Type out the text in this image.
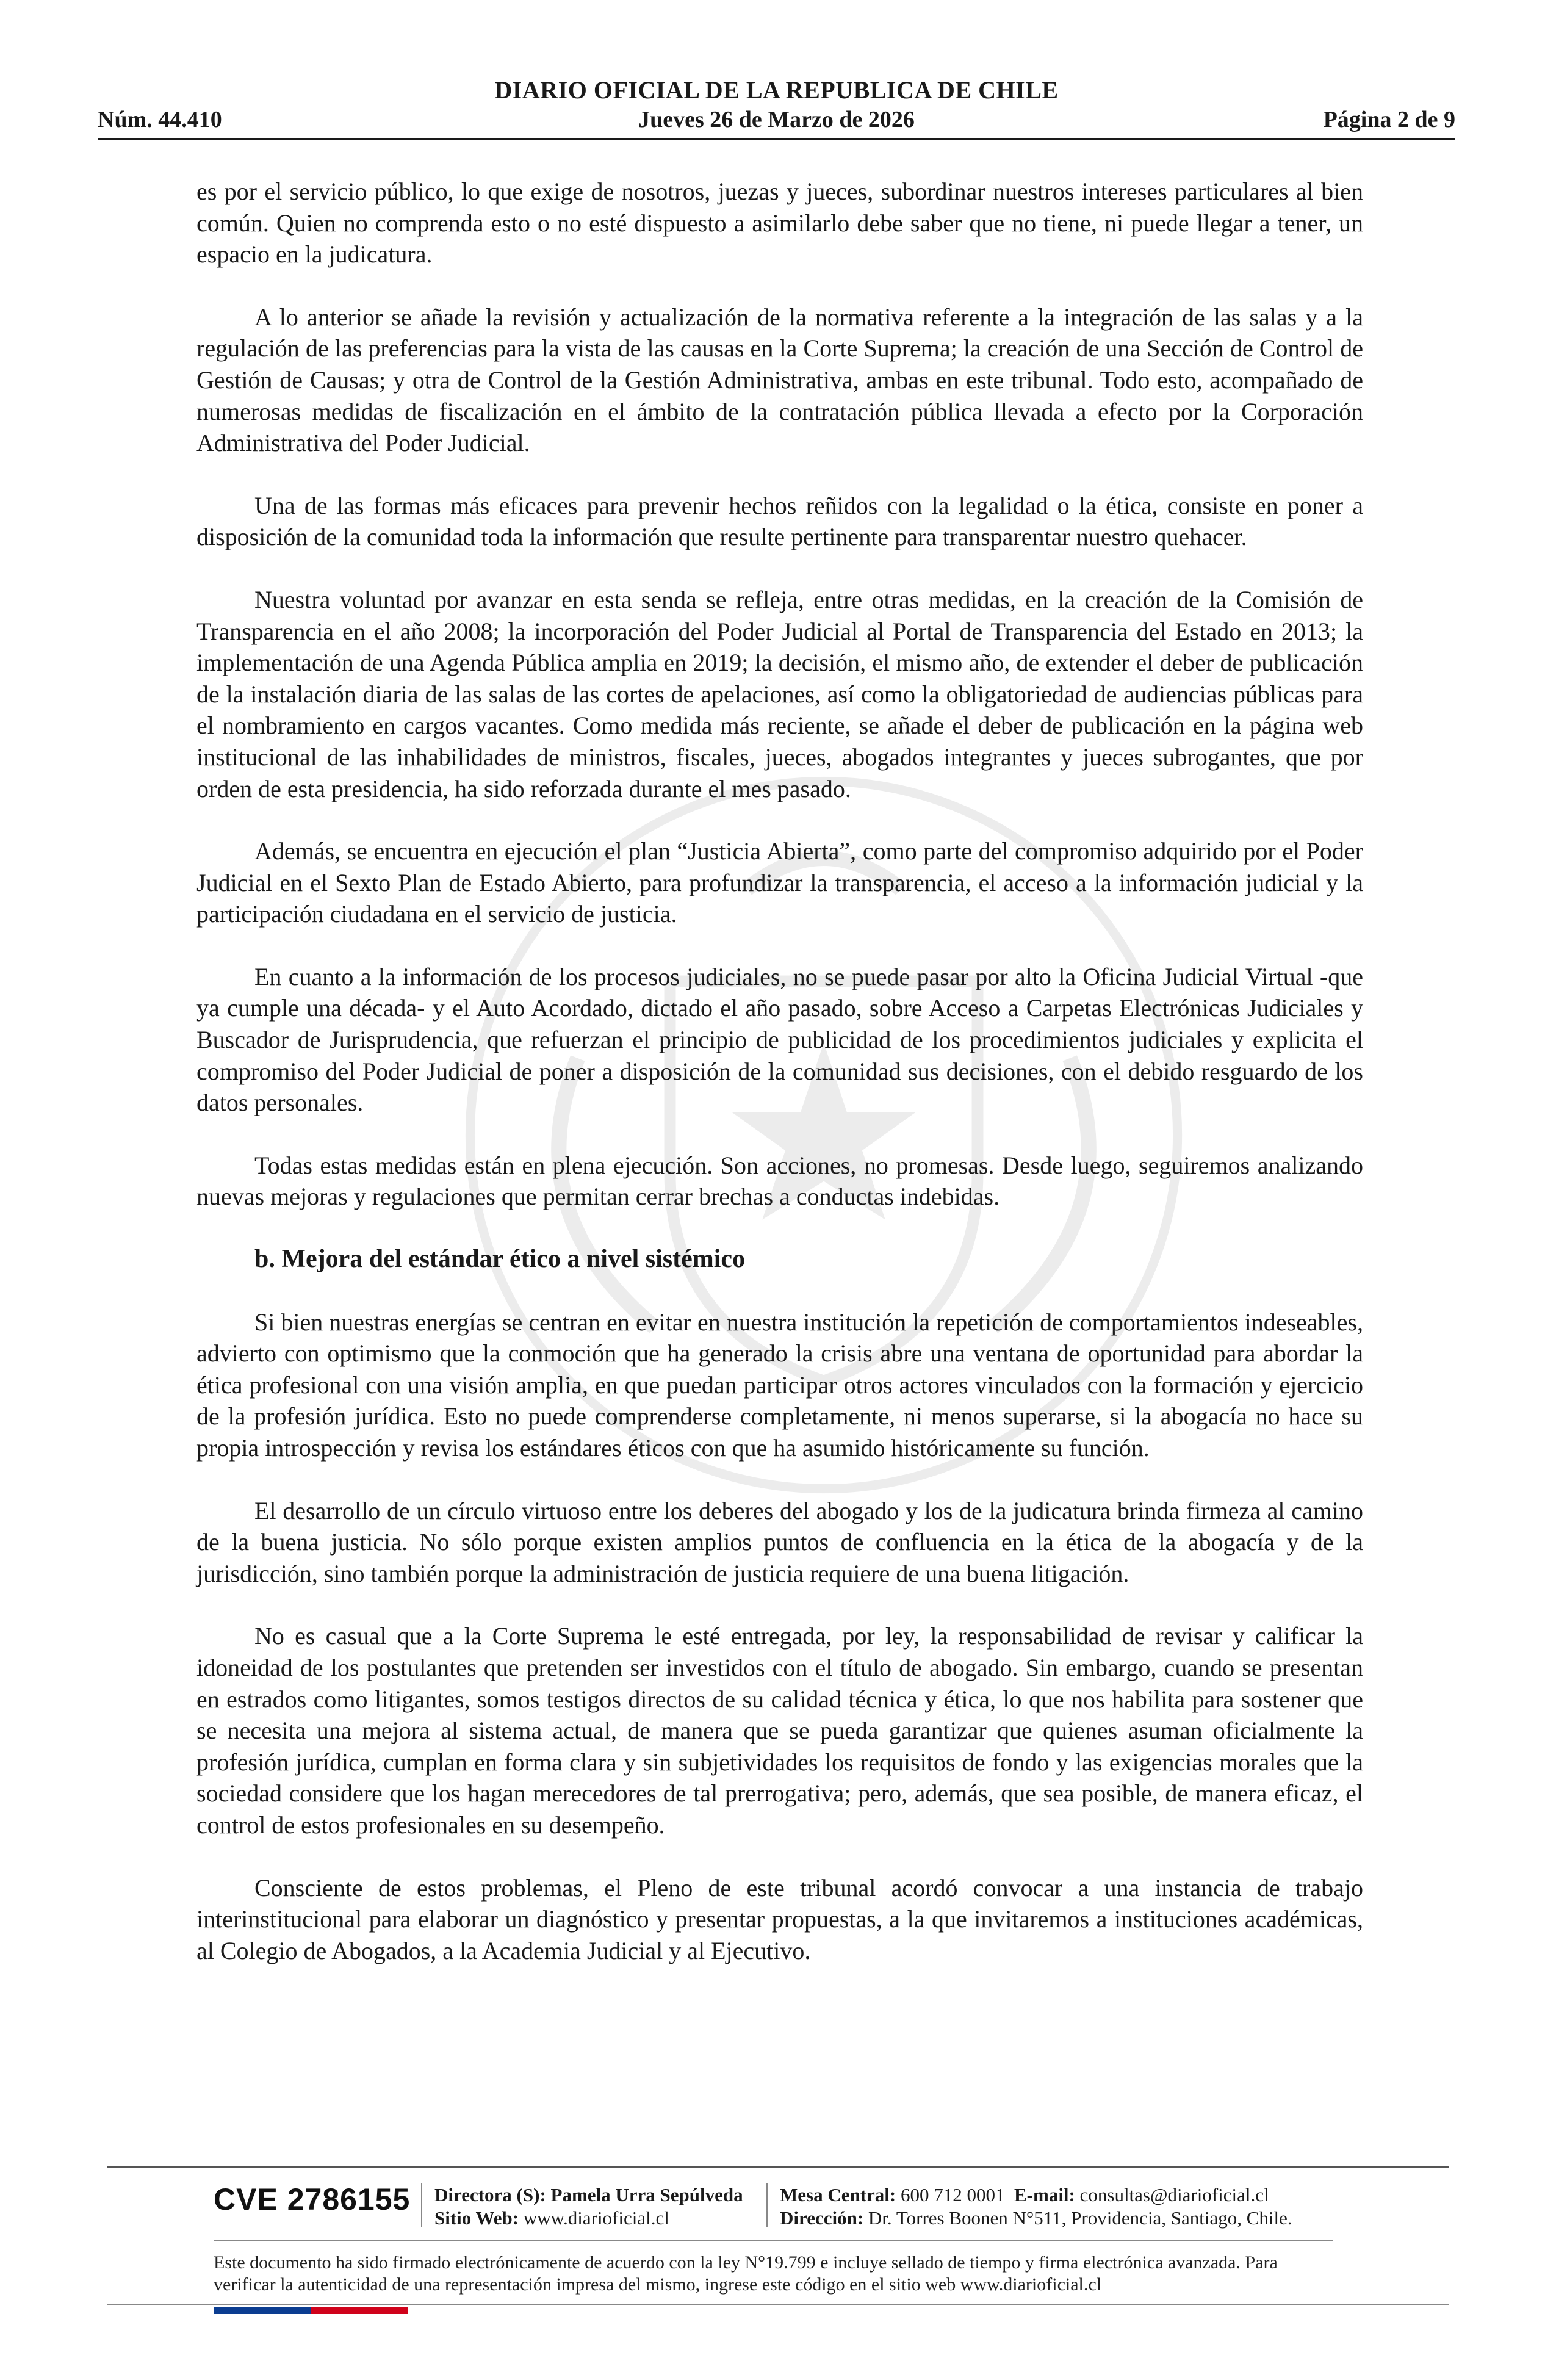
DIARIO OFICIAL DE LA REPUBLICA DE CHILE
Núm. 44.410	Jueves 26 de Marzo de 2026	Página 2 de 9

es por el servicio público, lo que exige de nosotros, juezas y jueces, subordinar nuestros intereses particulares al bien común. Quien no comprenda esto o no esté dispuesto a asimilarlo debe saber que no tiene, ni puede llegar a tener, un espacio en la judicatura.

A lo anterior se añade la revisión y actualización de la normativa referente a la integración de las salas y a la regulación de las preferencias para la vista de las causas en la Corte Suprema; la creación de una Sección de Control de Gestión de Causas; y otra de Control de la Gestión Administrativa, ambas en este tribunal. Todo esto, acompañado de numerosas medidas de fiscalización en el ámbito de la contratación pública llevada a efecto por la Corporación Administrativa del Poder Judicial.

Una de las formas más eficaces para prevenir hechos reñidos con la legalidad o la ética, consiste en poner a disposición de la comunidad toda la información que resulte pertinente para transparentar nuestro quehacer.

Nuestra voluntad por avanzar en esta senda se refleja, entre otras medidas, en la creación de la Comisión de Transparencia en el año 2008; la incorporación del Poder Judicial al Portal de Transparencia del Estado en 2013; la implementación de una Agenda Pública amplia en 2019; la decisión, el mismo año, de extender el deber de publicación de la instalación diaria de las salas de las cortes de apelaciones, así como la obligatoriedad de audiencias públicas para el nombramiento en cargos vacantes. Como medida más reciente, se añade el deber de publicación en la página web institucional de las inhabilidades de ministros, fiscales, jueces, abogados integrantes y jueces subrogantes, que por orden de esta presidencia, ha sido reforzada durante el mes pasado.

Además, se encuentra en ejecución el plan “Justicia Abierta”, como parte del compromiso adquirido por el Poder Judicial en el Sexto Plan de Estado Abierto, para profundizar la transparencia, el acceso a la información judicial y la participación ciudadana en el servicio de justicia.

En cuanto a la información de los procesos judiciales, no se puede pasar por alto la Oficina Judicial Virtual -que ya cumple una década- y el Auto Acordado, dictado el año pasado, sobre Acceso a Carpetas Electrónicas Judiciales y Buscador de Jurisprudencia, que refuerzan el principio de publicidad de los procedimientos judiciales y explicita el compromiso del Poder Judicial de poner a disposición de la comunidad sus decisiones, con el debido resguardo de los datos personales.

Todas estas medidas están en plena ejecución. Son acciones, no promesas. Desde luego, seguiremos analizando nuevas mejoras y regulaciones que permitan cerrar brechas a conductas indebidas.

b. Mejora del estándar ético a nivel sistémico

Si bien nuestras energías se centran en evitar en nuestra institución la repetición de comportamientos indeseables, advierto con optimismo que la conmoción que ha generado la crisis abre una ventana de oportunidad para abordar la ética profesional con una visión amplia, en que puedan participar otros actores vinculados con la formación y ejercicio de la profesión jurídica. Esto no puede comprenderse completamente, ni menos superarse, si la abogacía no hace su propia introspección y revisa los estándares éticos con que ha asumido históricamente su función.

El desarrollo de un círculo virtuoso entre los deberes del abogado y los de la judicatura brinda firmeza al camino de la buena justicia. No sólo porque existen amplios puntos de confluencia en la ética de la abogacía y de la jurisdicción, sino también porque la administración de justicia requiere de una buena litigación.

No es casual que a la Corte Suprema le esté entregada, por ley, la responsabilidad de revisar y calificar la idoneidad de los postulantes que pretenden ser investidos con el título de abogado. Sin embargo, cuando se presentan en estrados como litigantes, somos testigos directos de su calidad técnica y ética, lo que nos habilita para sostener que se necesita una mejora al sistema actual, de manera que se pueda garantizar que quienes asuman oficialmente la profesión jurídica, cumplan en forma clara y sin subjetividades los requisitos de fondo y las exigencias morales que la sociedad considere que los hagan merecedores de tal prerrogativa; pero, además, que sea posible, de manera eficaz, el control de estos profesionales en su desempeño.

Consciente de estos problemas, el Pleno de este tribunal acordó convocar a una instancia de trabajo interinstitucional para elaborar un diagnóstico y presentar propuestas, a la que invitaremos a instituciones académicas, al Colegio de Abogados, a la Academia Judicial y al Ejecutivo.

CVE 2786155 Directora (S): Pamela Urra Sepúlveda
Sitio Web: www.diarioficial.cl
Mesa Central: 600 712 0001 E-mail: consultas@diarioficial.cl
Dirección: Dr. Torres Boonen N°511, Providencia, Santiago, Chile.
Este documento ha sido firmado electrónicamente de acuerdo con la ley N°19.799 e incluye sellado de tiempo y firma electrónica avanzada. Para verificar la autenticidad de una representación impresa del mismo, ingrese este código en el sitio web www.diarioficial.cl
